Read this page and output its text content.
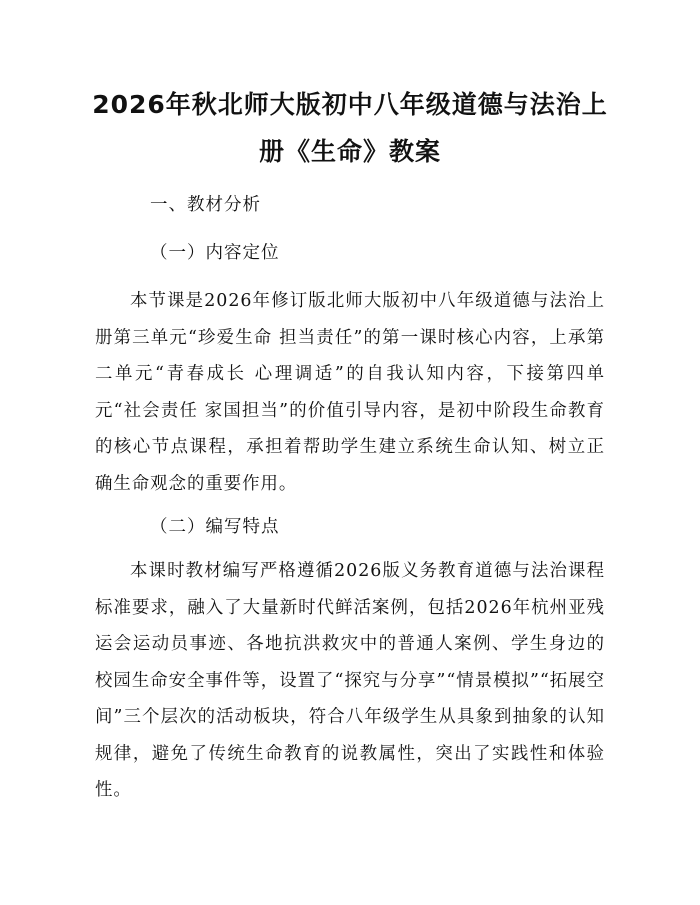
2026年秋北师大版初中八年级道德与法治上
册《生命》教案

一、教材分析

（一）内容定位

本节课是2026年修订版北师大版初中八年级道德与法治上册第三单元“珍爱生命 担当责任”的第一课时核心内容，上承第二单元“青春成长 心理调适”的自我认知内容，下接第四单元“社会责任 家国担当”的价值引导内容，是初中阶段生命教育的核心节点课程，承担着帮助学生建立系统生命认知、树立正确生命观念的重要作用。

（二）编写特点

本课时教材编写严格遵循2026版义务教育道德与法治课程标准要求，融入了大量新时代鲜活案例，包括2026年杭州亚残运会运动员事迹、各地抗洪救灾中的普通人案例、学生身边的校园生命安全事件等，设置了“探究与分享”“情景模拟”“拓展空间”三个层次的活动板块，符合八年级学生从具象到抽象的认知规律，避免了传统生命教育的说教属性，突出了实践性和体验性。
